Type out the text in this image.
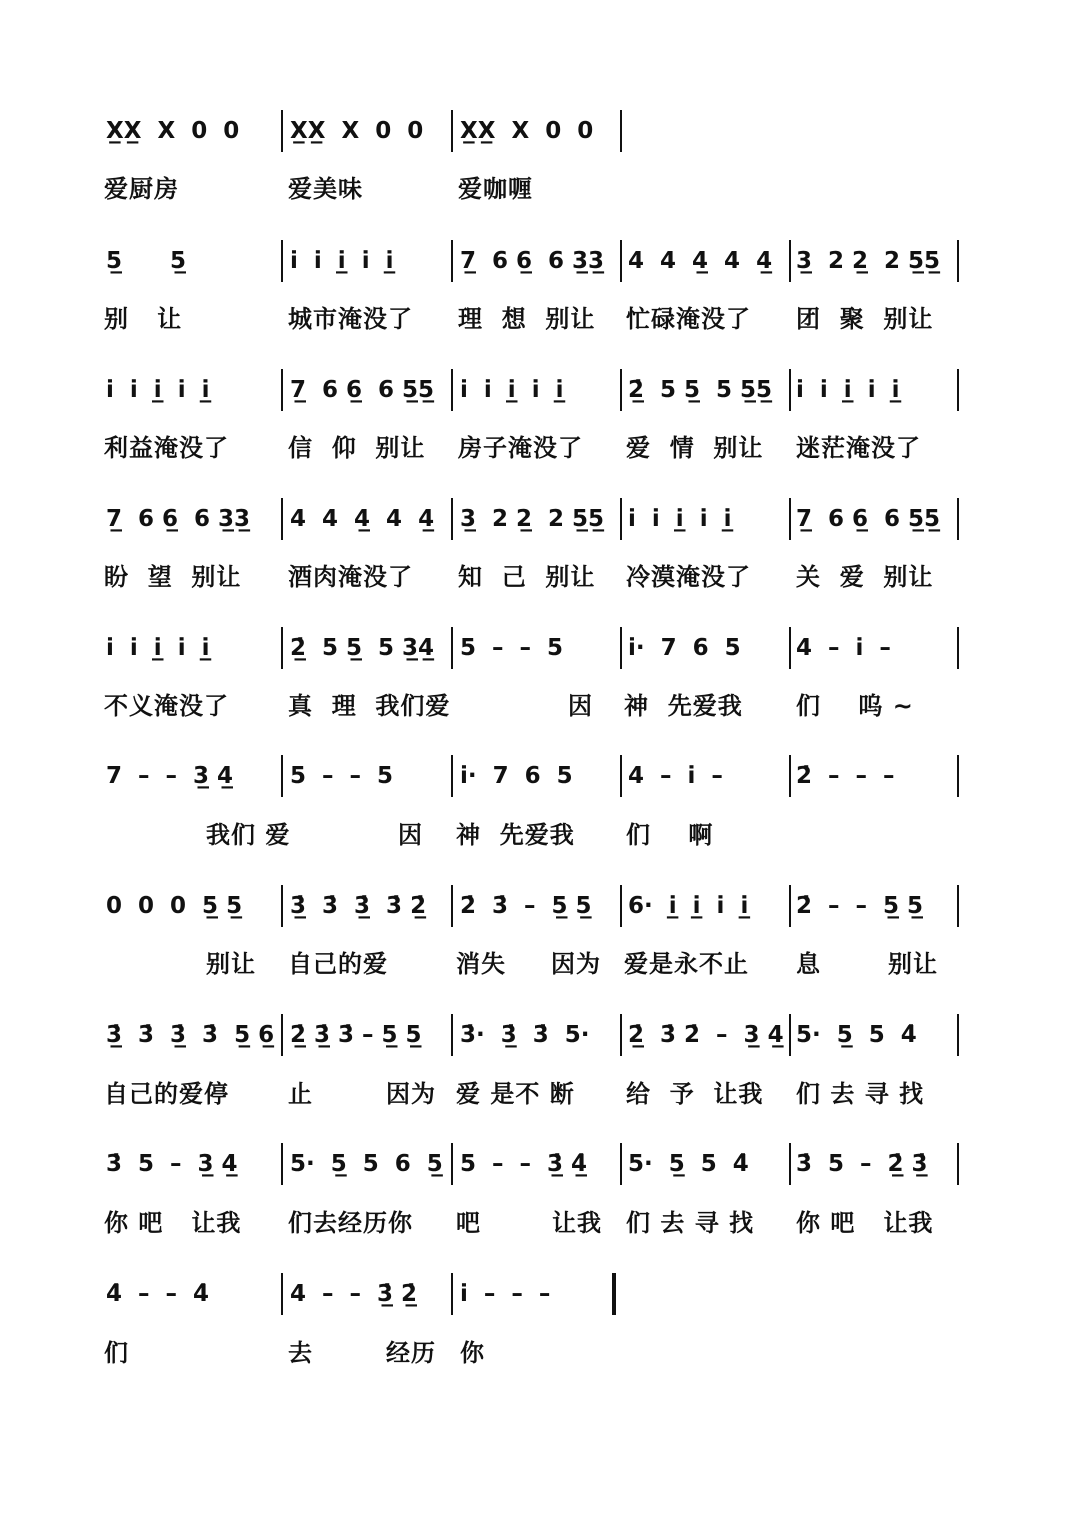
X̲X̲  X  0  0 X̲X̲  X  0  0 X̲X̲  X  0  0
爱厨房	爱美味	爱咖喱
5̲      5̲	i̇  i̇  i̲̇  i̇  i̲̇	7̲  6 6̲  6 3̲3̲ 4  4  4̲  4  4̲ 3̲  2 2̲  2 5̲5̲
别   让	城市淹没了 理  想  别让 忙碌淹没了 团  聚  别让
i̇  i̇  i̲̇  i̇  i̲̇	7̲  6 6̲  6 5̲5̲ i̇  i̇  i̲̇  i̇  i̲̇	2̲̇  5 5̲  5 5̲5̲ i̇  i̇  i̲̇  i̇  i̲̇
利益淹没了 信  仰  别让 房子淹没了 爱  情  别让 迷茫淹没了
7̲  6 6̲  6 3̲3̲ 4  4  4̲  4  4̲ 3̲  2 2̲  2 5̲5̲ i̇  i̇  i̲̇  i̇  i̲̇	7̲  6 6̲  6 5̲5̲
盼  望  别让 酒肉淹没了 知  己  别让 冷漠淹没了 关  爱  别让
i̇  i̇  i̲̇  i̇  i̲̇	2̲̇  5 5̲  5 3̲4̲ 5  –  –  5	i̇·  7  6  5 4  –  i̇  –
不义淹没了 真  理  我们爱	因 神  先爱我 们    呜 ~
7  –  –  3̲ 4̲ 5  –  –  5	i̇·  7  6  5 4  –  i̇  –	2̇  –  –  –
我们 爱	因 神  先爱我 们    啊
0  0  0  5̲ 5̲ 3̲̇  3̇  3̲̇  3̇ 2̲̇ 2̇  3̇  –  5̲ 5̲ 6·  i̲̇  i̲̇  i̇  i̲̇ 2̇  –  –  5̲ 5̲
别让 自己的爱	消失 因为 爱是永不止 息	别让
3̲̇  3̇  3̲̇  3̇  5̲ 6̲ 2̲̇ 3̲̇ 3̇ – 5̲ 5̲ 3̇·  3̲̇  3̇  5· 2̲̇  3̇ 2̇  –  3̲ 4̲ 5·  5̲  5  4̇
自己的爱停 止	因为 爱 是不 断 给  予  让我 们 去 寻 找
3̇  5  –  3̲ 4̲ 5·  5̲  5  6  5̲ 5  –  –  3̲̇ 4̲̇ 5·  5̲  5  4̇ 3̇  5  –  2̲̇ 3̲̇
你 吧   让我 们去经历你 吧	让我 们 去 寻 找 你 吧   让我
4̇  –  –  4̇	4  –  –  3̲̇ 2̲̇ i̇  –  –  –
们	去	经历 你
